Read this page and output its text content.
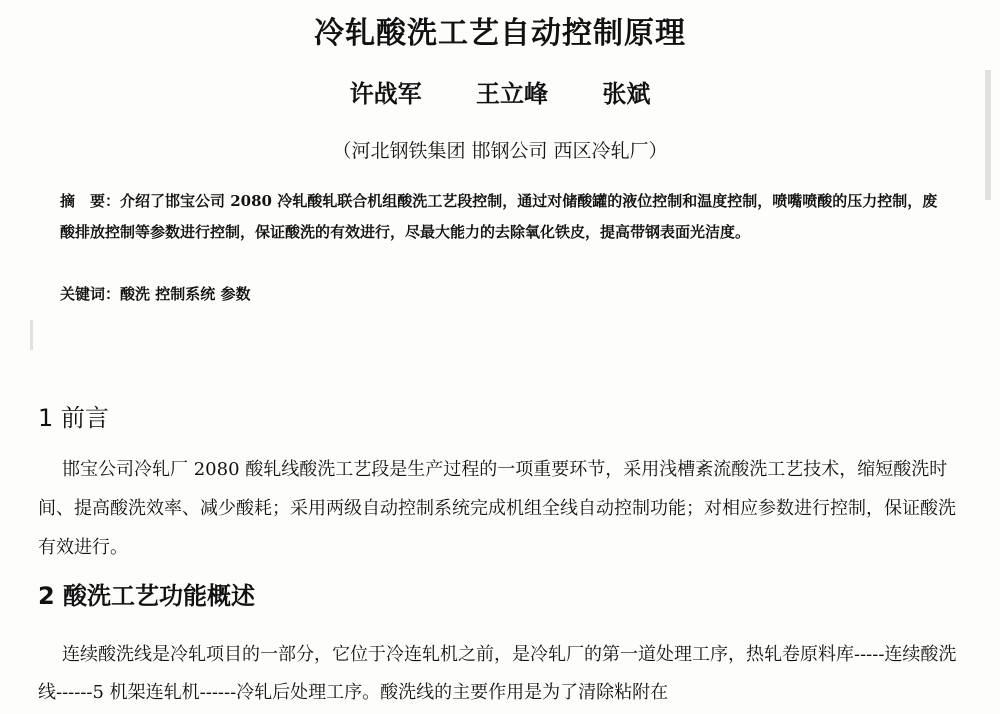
冷轧酸洗工艺自动控制原理
许战军 王立峰 张斌
（河北钢铁集团 邯钢公司 西区冷轧厂）
摘　要：介绍了邯宝公司 2080 冷轧酸轧联合机组酸洗工艺段控制，通过对储酸罐的液位控制和温度控制，喷嘴喷酸的压力控制，废酸排放控制等参数进行控制，保证酸洗的有效进行，尽最大能力的去除氧化铁皮，提高带钢表面光洁度。
关键词：酸洗 控制系统 参数
1 前言
邯宝公司冷轧厂 2080 酸轧线酸洗工艺段是生产过程的一项重要环节，采用浅槽紊流酸洗工艺技术，缩短酸洗时间、提高酸洗效率、减少酸耗；采用两级自动控制系统完成机组全线自动控制功能；对相应参数进行控制，保证酸洗有效进行。
2 酸洗工艺功能概述
连续酸洗线是冷轧项目的一部分，它位于冷连轧机之前，是冷轧厂的第一道处理工序，热轧卷原料库-----连续酸洗线------5 机架连轧机------冷轧后处理工序。酸洗线的主要作用是为了清除粘附在
